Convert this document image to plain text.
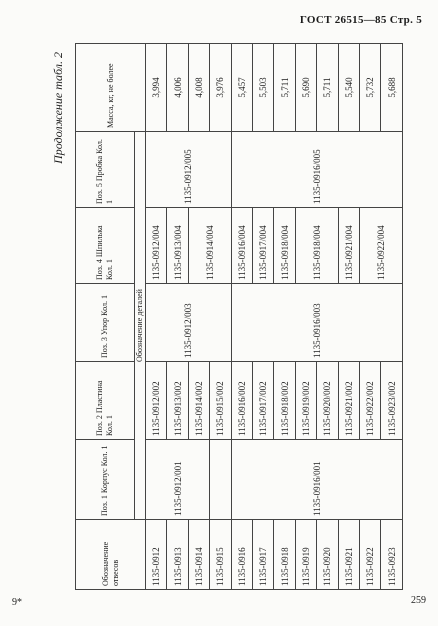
ГОСТ 26515—85 Стр. 5
Продолжение табл. 2
Обозначение отвесов	Поз. 1 Корпус Кол. 1	Поз. 2 Пластина Кол. 1	Поз. 3 Упор Кол. 1	Поз. 4 Шпилька Кол. 1	Поз. 5 Пробка Кол. 1	Масса, кг, не более
	Обозначение деталей					
1135-0912	1135-0912/001	1135-0912/002	1135-0912/003	1135-0912/004	1135-0912/005	3,994
1135-0913		1135-0913/002		1135-0913/004		4,006
1135-0914		1135-0914/002		1135-0914/004		4,008
1135-0915		1135-0915/002				3,976
1135-0916	1135-0916/001	1135-0916/002	1135-0916/003	1135-0916/004	1135-0916/005	5,457
1135-0917		1135-0917/002		1135-0917/004		5,503
1135-0918		1135-0918/002		1135-0918/004		5,711
1135-0919		1135-0919/002		1135-0918/004		5,690
1135-0920		1135-0920/002				5,711
1135-0921		1135-0921/002		1135-0921/004		5,540
1135-0922		1135-0922/002		1135-0922/004		5,732
1135-0923		1135-0923/002				5,688
9*	259
